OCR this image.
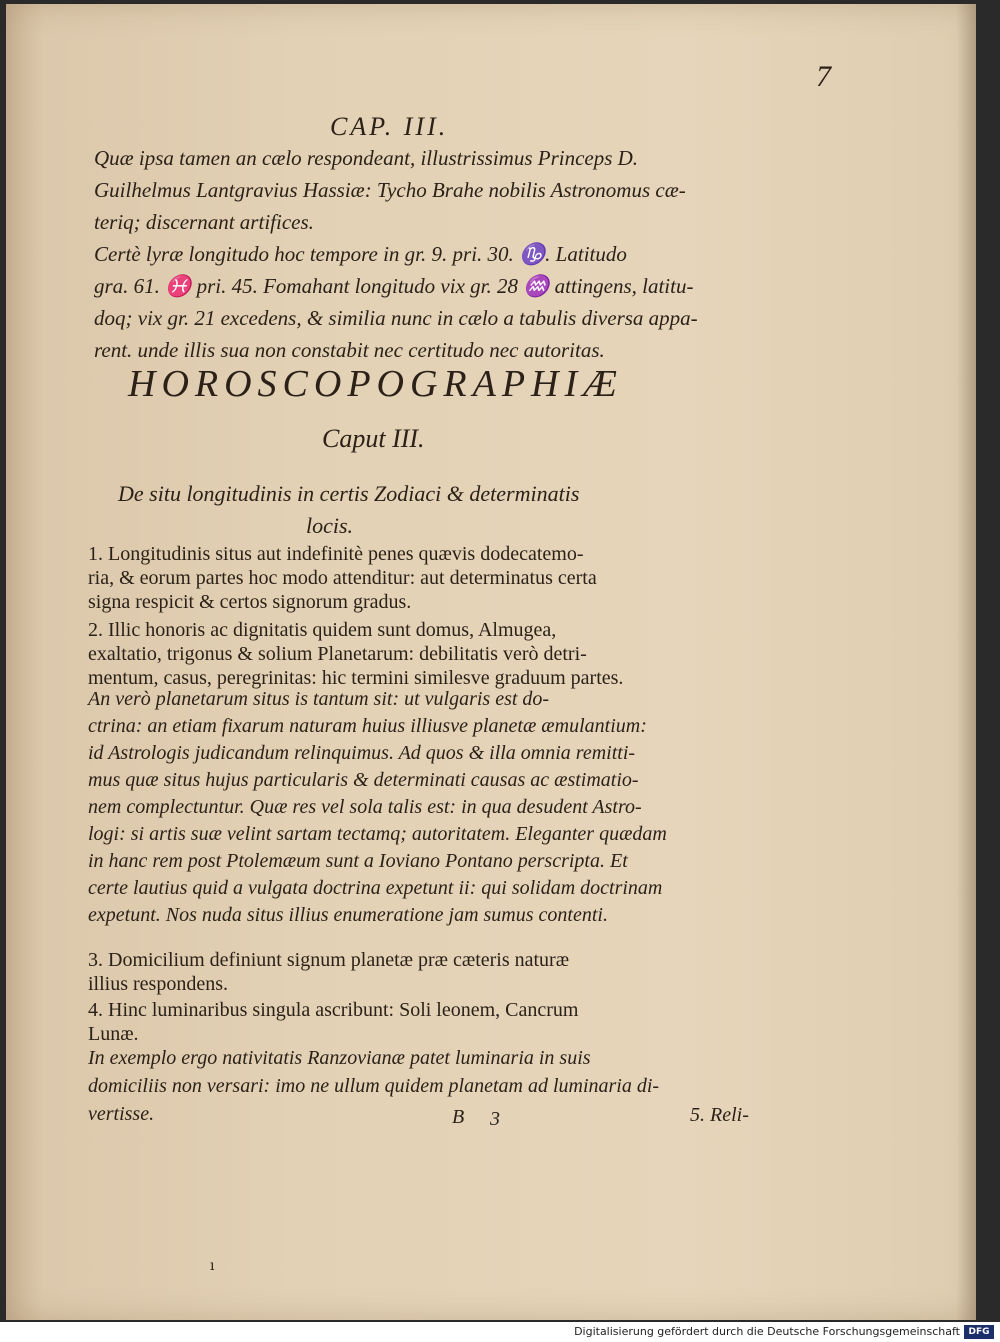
7
CAP. III.
Quæ ipsa tamen an cælo respondeant, illustrissimus Princeps D.
Guilhelmus Lantgravius Hassiæ: Tycho Brahe nobilis Astronomus cæ-
teriq; discernant artifices.
Certè lyræ longitudo hoc tempore in gr. 9. pri. 30. ♑. Latitudo
gra. 61. ♓ pri. 45. Fomahant longitudo vix gr. 28 ♒ attingens, latitu-
doq; vix gr. 21 excedens, & similia nunc in cælo a tabulis diversa appa-
rent. unde illis sua non constabit nec certitudo nec autoritas.
HOROSCOPOGRAPHIÆ
Caput III.
De situ longitudinis in certis Zodiaci & determinatis
locis.
1. Longitudinis situs aut indefinitè penes quævis dodecatemo-
ria, & eorum partes hoc modo attenditur: aut determinatus certa
signa respicit & certos signorum gradus.
2. Illic honoris ac dignitatis quidem sunt domus, Almugea,
exaltatio, trigonus & solium Planetarum: debilitatis verò detri-
mentum, casus, peregrinitas: hic termini similesve graduum partes.
An verò planetarum situs is tantum sit: ut vulgaris est do-
ctrina: an etiam fixarum naturam huius illiusve planetæ æmulantium:
id Astrologis judicandum relinquimus. Ad quos & illa omnia remitti-
mus quæ situs hujus particularis & determinati causas ac æstimatio-
nem complectuntur. Quæ res vel sola talis est: in qua desudent Astro-
logi: si artis suæ velint sartam tectamq; autoritatem. Eleganter quædam
in hanc rem post Ptolemæum sunt a Ioviano Pontano perscripta. Et
certe lautius quid a vulgata doctrina expetunt ii: qui solidam doctrinam
expetunt. Nos nuda situs illius enumeratione jam sumus contenti.
3. Domicilium definiunt signum planetæ præ cæteris naturæ
illius respondens.
4. Hinc luminaribus singula ascribunt: Soli leonem, Cancrum
Lunæ.
In exemplo ergo nativitatis Ranzovianæ patet luminaria in suis
domiciliis non versari: imo ne ullum quidem planetam ad luminaria di-
vertisse.	B 3	5. Reli-
ı
Digitalisierung gefördert durch die Deutsche Forschungsgemeinschaft DFG
